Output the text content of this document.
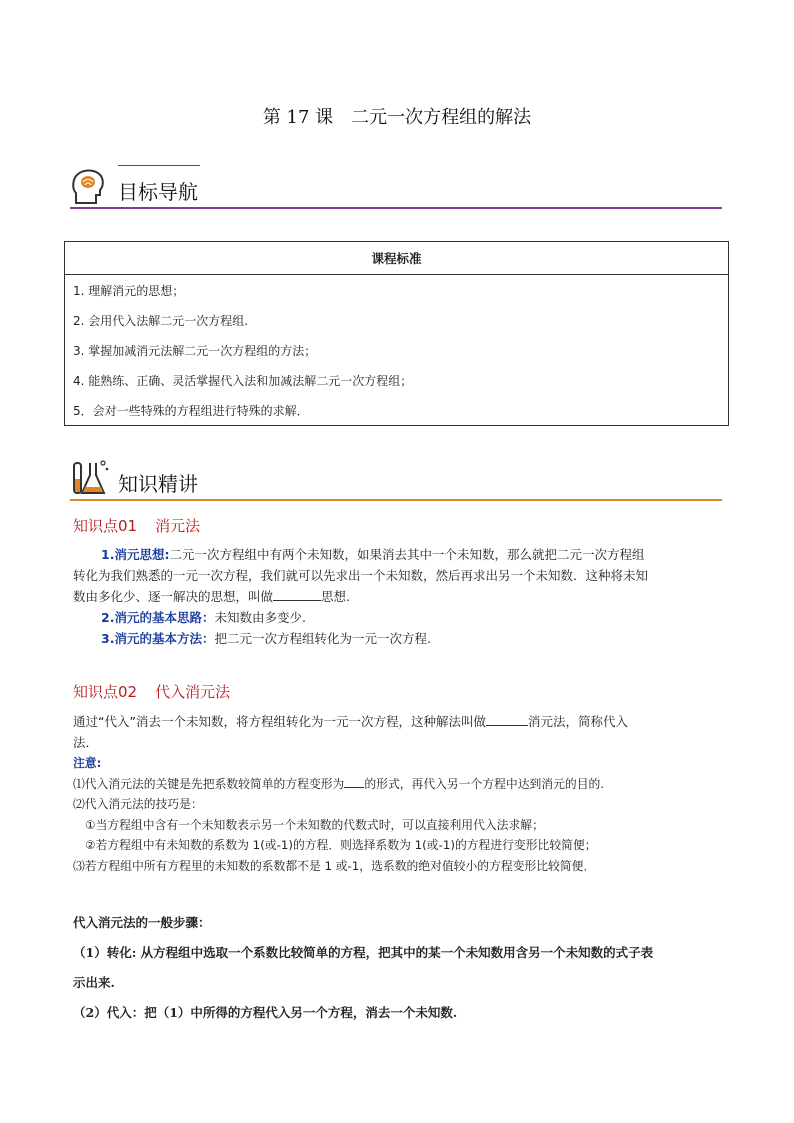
第 17 课　二元一次方程组的解法
目标导航
课程标准
1. 理解消元的思想；
2. 会用代入法解二元一次方程组.
3. 掌握加减消元法解二元一次方程组的方法；
4. 能熟练、正确、灵活掌握代入法和加减法解二元一次方程组；
5．会对一些特殊的方程组进行特殊的求解．
知识精讲
知识点01 消元法
1.消元思想:二元一次方程组中有两个未知数，如果消去其中一个未知数，那么就把二元一次方程组
转化为我们熟悉的一元一次方程，我们就可以先求出一个未知数，然后再求出另一个未知数．这种将未知
数由多化少、逐一解决的思想，叫做	思想.
2.消元的基本思路：未知数由多变少.
3.消元的基本方法：把二元一次方程组转化为一元一次方程.
知识点02 代入消元法
通过“代入”消去一个未知数，将方程组转化为一元一次方程，这种解法叫做	消元法，简称代入
法．
注意:
⑴代入消元法的关键是先把系数较简单的方程变形为 的形式，再代入另一个方程中达到消元的目的.
⑵代入消元法的技巧是：
①当方程组中含有一个未知数表示另一个未知数的代数式时，可以直接利用代入法求解；
②若方程组中有未知数的系数为 1(或-1)的方程．则选择系数为 1(或-1)的方程进行变形比较简便；
⑶若方程组中所有方程里的未知数的系数都不是 1 或-1，选系数的绝对值较小的方程变形比较简便．
代入消元法的一般步骤：
（1）转化: 从方程组中选取一个系数比较简单的方程，把其中的某一个未知数用含另一个未知数的式子表
示出来.
（2）代入：把（1）中所得的方程代入另一个方程，消去一个未知数.
